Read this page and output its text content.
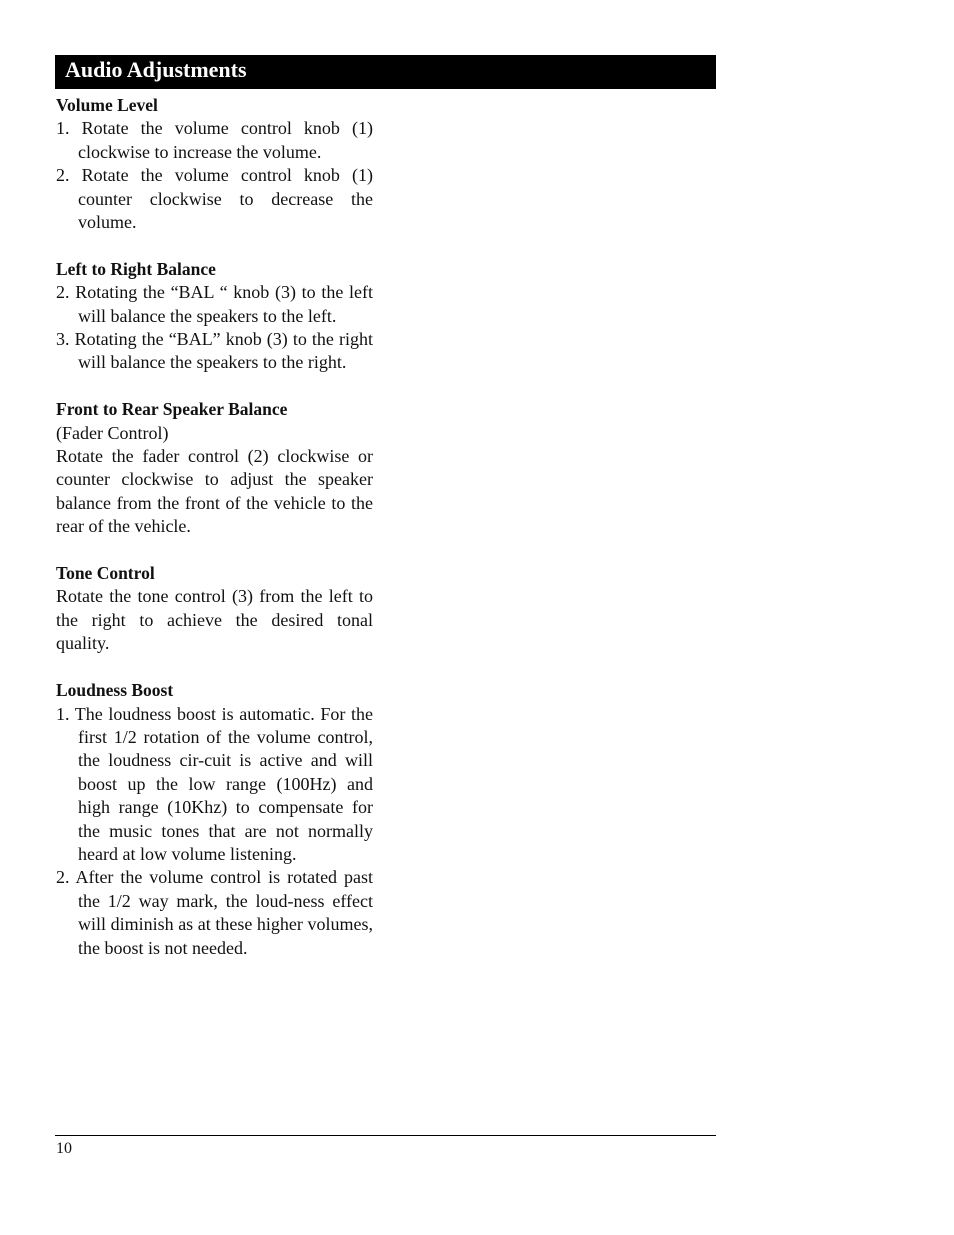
Audio Adjustments
Volume Level
1. Rotate the volume control knob (1) clockwise to increase the volume.
2. Rotate the volume control knob (1) counter clockwise to decrease the volume.
Left to Right Balance
2. Rotating the “BAL “ knob (3) to the left will balance the speakers to the left.
3. Rotating the “BAL” knob (3) to the right will balance the speakers to the right.
Front to Rear Speaker Balance
(Fader Control)
Rotate the fader control (2) clockwise or counter clockwise to adjust the speaker balance from the front of the vehicle to the rear of the vehicle.
Tone Control
Rotate the tone control (3) from the left to the right to achieve the desired tonal quality.
Loudness Boost
1. The loudness boost is automatic. For the first 1/2 rotation of the volume control, the loudness cir-cuit is active and will boost up the low range (100Hz) and high range (10Khz) to compensate for the music tones that are not normally heard at low volume listening.
2. After the volume control is rotated past the 1/2 way mark, the loud-ness effect will diminish as at these higher volumes, the boost is not needed.
10
